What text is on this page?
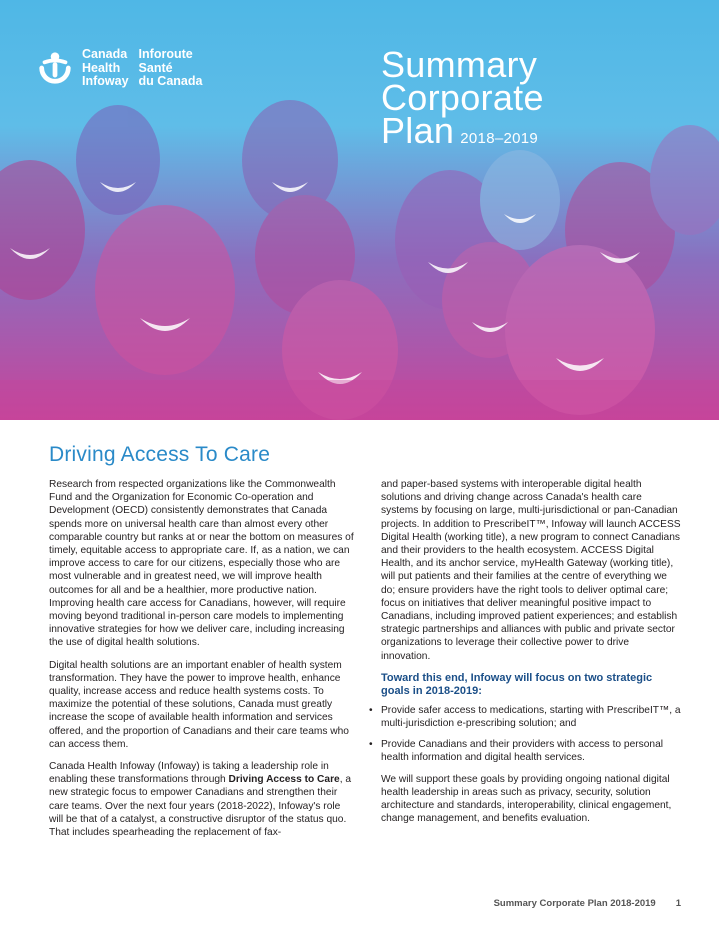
Canada
Health
Infoway
Inforoute
Santé
du Canada	Summary
Corporate
Plan 2018–2019
Driving Access To Care

Research from respected organizations like the Commonwealth Fund and the Organization for Economic Co-operation and Development (OECD) consistently demonstrates that Canada spends more on universal health care than almost every other comparable country but ranks at or near the bottom on measures of timely, equitable access to appropriate care. If, as a nation, we can improve access to care for our citizens, especially those who are most vulnerable and in greatest need, we will improve health outcomes for all and be a healthier, more productive nation. Improving health care access for Canadians, however, will require moving beyond traditional in-person care models to implementing innovative strategies for how we deliver care, including increasing the use of digital health solutions.

Digital health solutions are an important enabler of health system transformation. They have the power to improve health, enhance quality, increase access and reduce health systems costs. To maximize the potential of these solutions, Canada must greatly increase the scope of available health information and services offered, and the proportion of Canadians and their care teams who can access them.

Canada Health Infoway (Infoway) is taking a leadership role in enabling these transformations through Driving Access to Care, a new strategic focus to empower Canadians and strengthen their care teams. Over the next four years (2018-2022), Infoway's role will be that of a catalyst, a constructive disruptor of the status quo. That includes spearheading the replacement of fax-

and paper-based systems with interoperable digital health solutions and driving change across Canada's health care systems by focusing on large, multi-jurisdictional or pan-Canadian projects. In addition to PrescribeIT™, Infoway will launch ACCESS Digital Health (working title), a new program to connect Canadians and their providers to the health ecosystem. ACCESS Digital Health, and its anchor service, myHealth Gateway (working title), will put patients and their families at the centre of everything we do; ensure providers have the right tools to deliver optimal care; focus on initiatives that deliver meaningful positive impact to Canadians, including improved patient experiences; and establish strategic partnerships and alliances with public and private sector organizations to leverage their collective power to drive innovation.

Toward this end, Infoway will focus on two strategic goals in 2018-2019:
• Provide safer access to medications, starting with PrescribeIT™, a multi-jurisdiction e-prescribing solution; and
• Provide Canadians and their providers with access to personal health information and digital health services.

We will support these goals by providing ongoing national digital health leadership in areas such as privacy, security, solution architecture and standards, interoperability, clinical engagement, change management, and benefits evaluation.

Summary Corporate Plan 2018-2019 1
